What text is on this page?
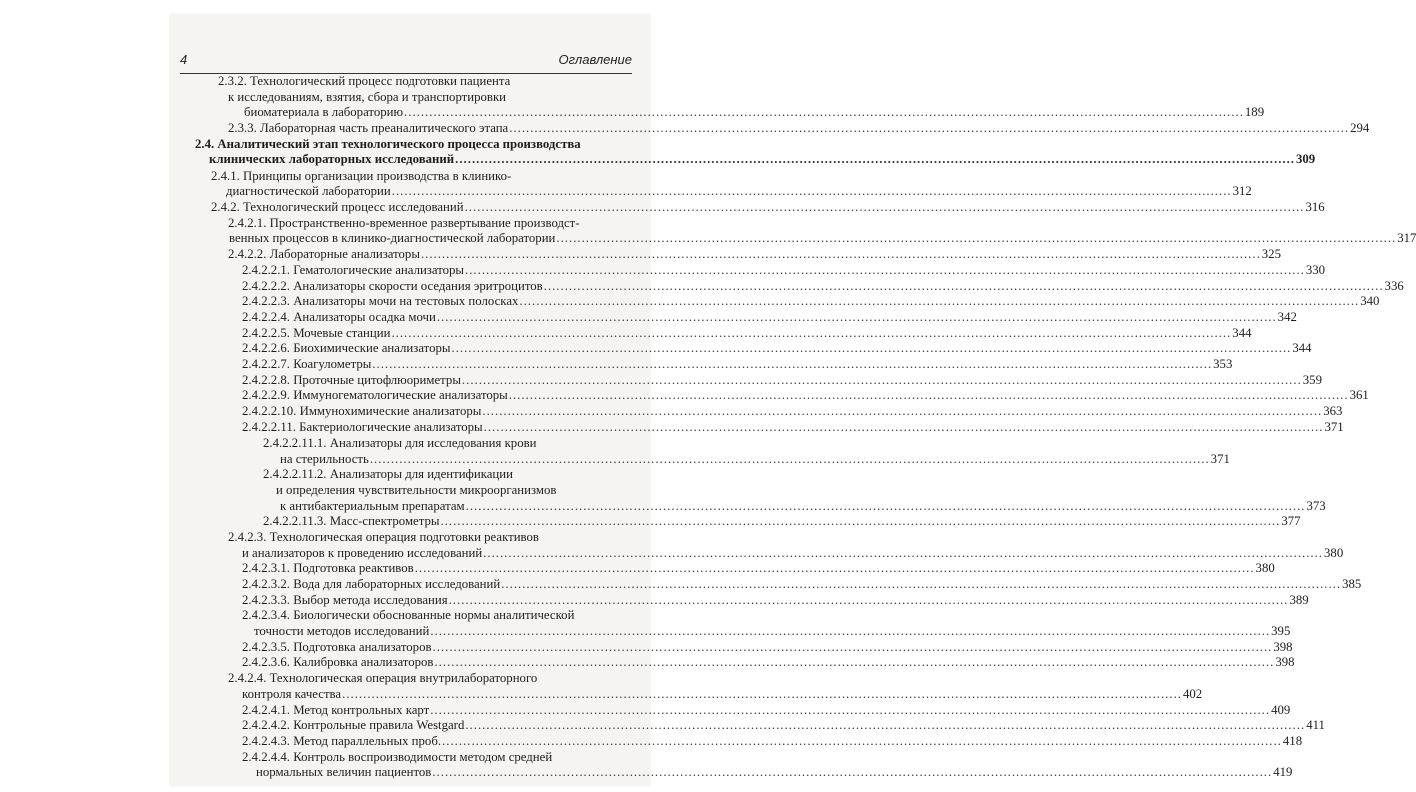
4	Оглавление
2.3.2. Технологический процесс подготовки пациента
к исследованиям, взятия, сбора и транспортировки
биоматериала в лабораторию ........................................................................................................................................................................................................ 189
2.3.3. Лабораторная часть преаналитического этапа ........................................................................................................................................................................................................ 294
2.4. Аналитический этап технологического процесса производства
клинических лабораторных исследований ........................................................................................................................................................................................................ 309
2.4.1. Принципы организации производства в клинико-
диагностической лаборатории ........................................................................................................................................................................................................ 312
2.4.2. Технологический процесс исследований ........................................................................................................................................................................................................ 316
2.4.2.1. Пространственно-временное развертывание производст-
венных процессов в клинико-диагностической лаборатории ........................................................................................................................................................................................................ 317
2.4.2.2. Лабораторные анализаторы ........................................................................................................................................................................................................ 325
2.4.2.2.1. Гематологические анализаторы ........................................................................................................................................................................................................ 330
2.4.2.2.2. Анализаторы скорости оседания эритроцитов ........................................................................................................................................................................................................ 336
2.4.2.2.3. Анализаторы мочи на тестовых полосках ........................................................................................................................................................................................................ 340
2.4.2.2.4. Анализаторы осадка мочи ........................................................................................................................................................................................................ 342
2.4.2.2.5. Мочевые станции ........................................................................................................................................................................................................ 344
2.4.2.2.6. Биохимические анализаторы ........................................................................................................................................................................................................ 344
2.4.2.2.7. Коагулометры ........................................................................................................................................................................................................ 353
2.4.2.2.8. Проточные цитофлюориметры ........................................................................................................................................................................................................ 359
2.4.2.2.9. Иммуногематологические анализаторы ........................................................................................................................................................................................................ 361
2.4.2.2.10. Иммунохимические анализаторы ........................................................................................................................................................................................................ 363
2.4.2.2.11. Бактериологические анализаторы ........................................................................................................................................................................................................ 371
2.4.2.2.11.1. Анализаторы для исследования крови
на стерильность ........................................................................................................................................................................................................ 371
2.4.2.2.11.2. Анализаторы для идентификации
и определения чувствительности микроорганизмов
к антибактериальным препаратам ........................................................................................................................................................................................................ 373
2.4.2.2.11.3. Масс-спектрометры ........................................................................................................................................................................................................ 377
2.4.2.3. Технологическая операция подготовки реактивов
и анализаторов к проведению исследований ........................................................................................................................................................................................................ 380
2.4.2.3.1. Подготовка реактивов ........................................................................................................................................................................................................ 380
2.4.2.3.2. Вода для лабораторных исследований ........................................................................................................................................................................................................ 385
2.4.2.3.3. Выбор метода исследования ........................................................................................................................................................................................................ 389
2.4.2.3.4. Биологически обоснованные нормы аналитической
точности методов исследований ........................................................................................................................................................................................................ 395
2.4.2.3.5. Подготовка анализаторов ........................................................................................................................................................................................................ 398
2.4.2.3.6. Калибровка анализаторов ........................................................................................................................................................................................................ 398
2.4.2.4. Технологическая операция внутрилабораторного
контроля качества ........................................................................................................................................................................................................ 402
2.4.2.4.1. Метод контрольных карт ........................................................................................................................................................................................................ 409
2.4.2.4.2. Контрольные правила Westgard ........................................................................................................................................................................................................ 411
2.4.2.4.3. Метод параллельных проб. ........................................................................................................................................................................................................ 418
2.4.2.4.4. Контроль воспроизводимости методом средней
нормальных величин пациентов ........................................................................................................................................................................................................ 419
